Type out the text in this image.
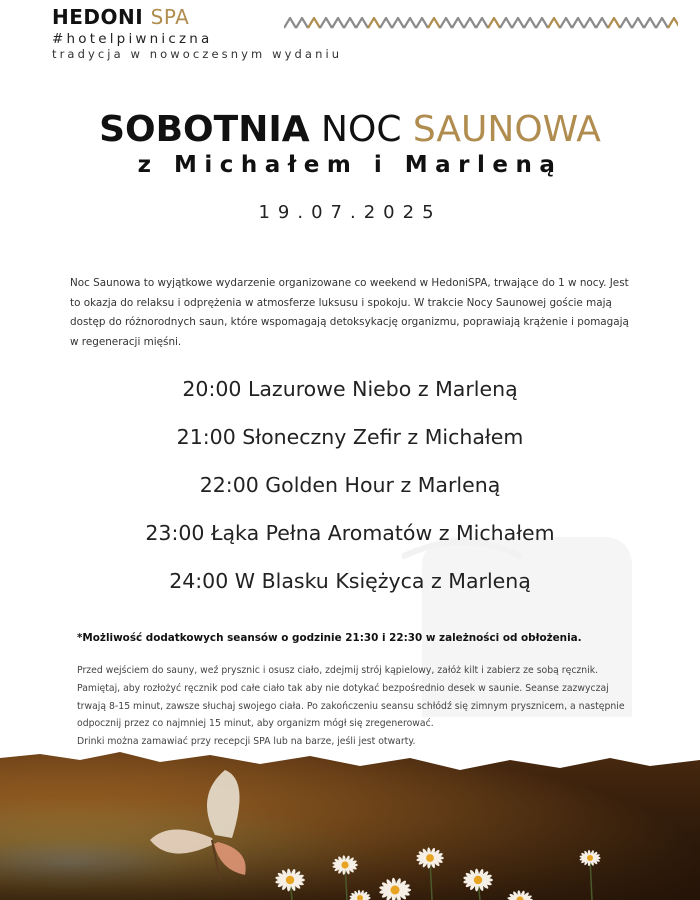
HEDONI SPA
#hotelpiwniczna
tradycja w nowoczesnym wydaniu
SOBOTNIA NOC SAUNOWA
z Michałem i Marleną
19.07.2025
Noc Saunowa to wyjątkowe wydarzenie organizowane co weekend w HedoniSPA, trwające do 1 w nocy. Jest to okazja do relaksu i odprężenia w atmosferze luksusu i spokoju. W trakcie Nocy Saunowej goście mają dostęp do różnorodnych saun, które wspomagają detoksykację organizmu, poprawiają krążenie i pomagają w regeneracji mięśni.
20:00 Lazurowe Niebo z Marleną
21:00 Słoneczny Zefir z Michałem
22:00 Golden Hour z Marleną
23:00 Łąka Pełna Aromatów z Michałem
24:00 W Blasku Księżyca z Marleną
*Możliwość dodatkowych seansów o godzinie 21:30 i 22:30 w zależności od obłożenia.
Przed wejściem do sauny, weź prysznic i osusz ciało, zdejmij strój kąpielowy, załóż kilt i zabierz ze sobą ręcznik.
Pamiętaj, aby rozłożyć ręcznik pod całe ciało tak aby nie dotykać bezpośrednio desek w saunie. Seanse zazwyczaj
trwają 8-15 minut, zawsze słuchaj swojego ciała. Po zakończeniu seansu schłódź się zimnym prysznicem, a następnie
odpocznij przez co najmniej 15 minut, aby organizm mógł się zregenerować.
Drinki można zamawiać przy recepcji SPA lub na barze, jeśli jest otwarty.
